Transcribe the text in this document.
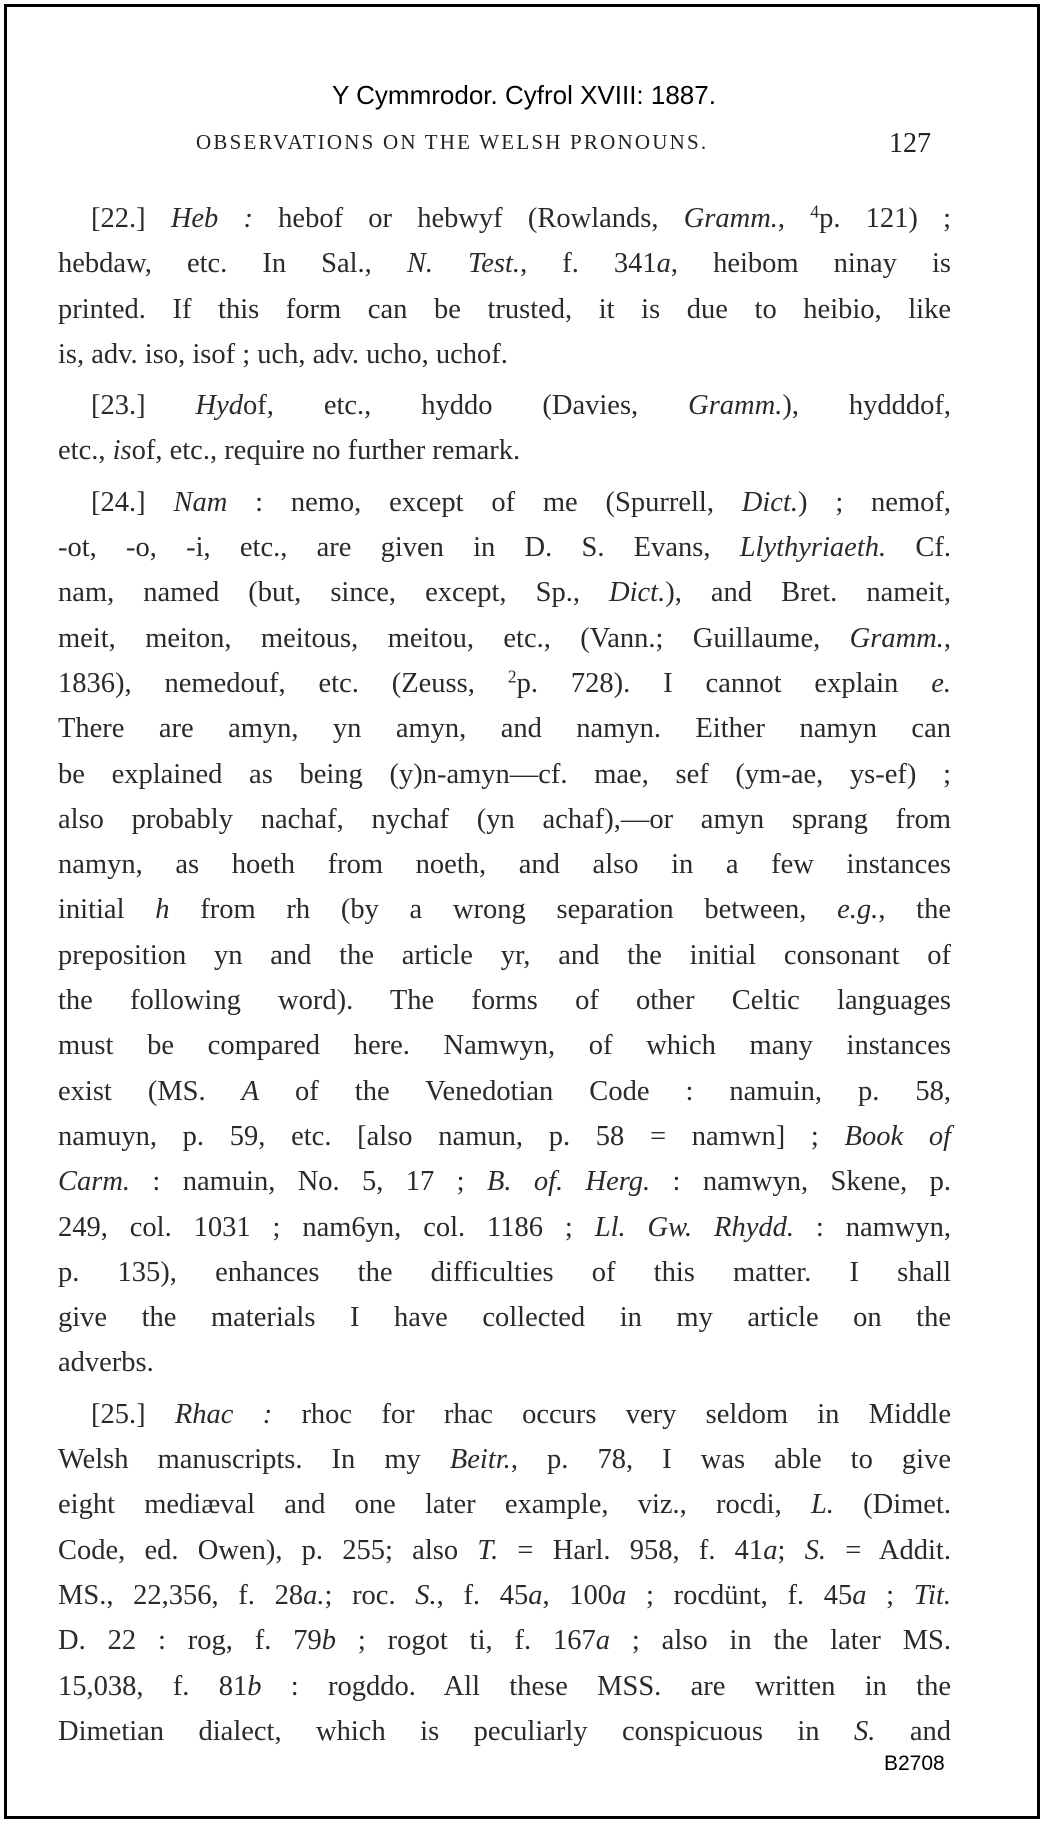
Y Cymmrodor. Cyfrol XVIII: 1887.
OBSERVATIONS ON THE WELSH PRONOUNS.	127
[22.] Heb : hebof or hebwyf (Rowlands, Gramm., $^4$p. 121) ;
hebdaw, etc. In Sal., N. Test., f. 341a, heibom ninay is
printed. If this form can be trusted, it is due to heibio, like
is, adv. iso, isof ; uch, adv. ucho, uchof.
[23.] Hydof, etc., hyddo (Davies, Gramm.), hydddof,
etc., isof, etc., require no further remark.
[24.] Nam : nemo, except of me (Spurrell, Dict.) ; nemof,
-ot, -o, -i, etc., are given in D. S. Evans, Llythyriaeth. Cf.
nam, named (but, since, except, Sp., Dict.), and Bret. nameit,
meit, meiton, meitous, meitou, etc., (Vann.; Guillaume, Gramm.,
1836), nemedouf, etc. (Zeuss, $^2$p. 728). I cannot explain e.
There are amyn, yn amyn, and namyn. Either namyn can
be explained as being (y)n-amyn—cf. mae, sef (ym-ae, ys-ef) ;
also probably nachaf, nychaf (yn achaf),—or amyn sprang from
namyn, as hoeth from noeth, and also in a few instances
initial h from rh (by a wrong separation between, e.g., the
preposition yn and the article yr, and the initial consonant of
the following word). The forms of other Celtic languages
must be compared here. Namwyn, of which many instances
exist (MS. A of the Venedotian Code : namuin, p. 58,
namuyn, p. 59, etc. [also namun, p. 58 = namwn] ; Book of
Carm. : namuin, No. 5, 17 ; B. of. Herg. : namwyn, Skene, p.
249, col. 1031 ; nam6yn, col. 1186 ; Ll. Gw. Rhydd. : namwyn,
p. 135), enhances the difficulties of this matter. I shall
give the materials I have collected in my article on the
adverbs.
[25.] Rhac : rhoc for rhac occurs very seldom in Middle
Welsh manuscripts. In my Beitr., p. 78, I was able to give
eight mediæval and one later example, viz., rocdi, L. (Dimet.
Code, ed. Owen), p. 255; also T. = Harl. 958, f. 41a; S. = Addit.
MS., 22,356, f. 28a.; roc. S., f. 45a, 100a ; rocdünt, f. 45a ; Tit.
D. 22 : rog, f. 79b ; rogot ti, f. 167a ; also in the later MS.
15,038, f. 81b : rogddo. All these MSS. are written in the
Dimetian dialect, which is peculiarly conspicuous in S. and
B2708
